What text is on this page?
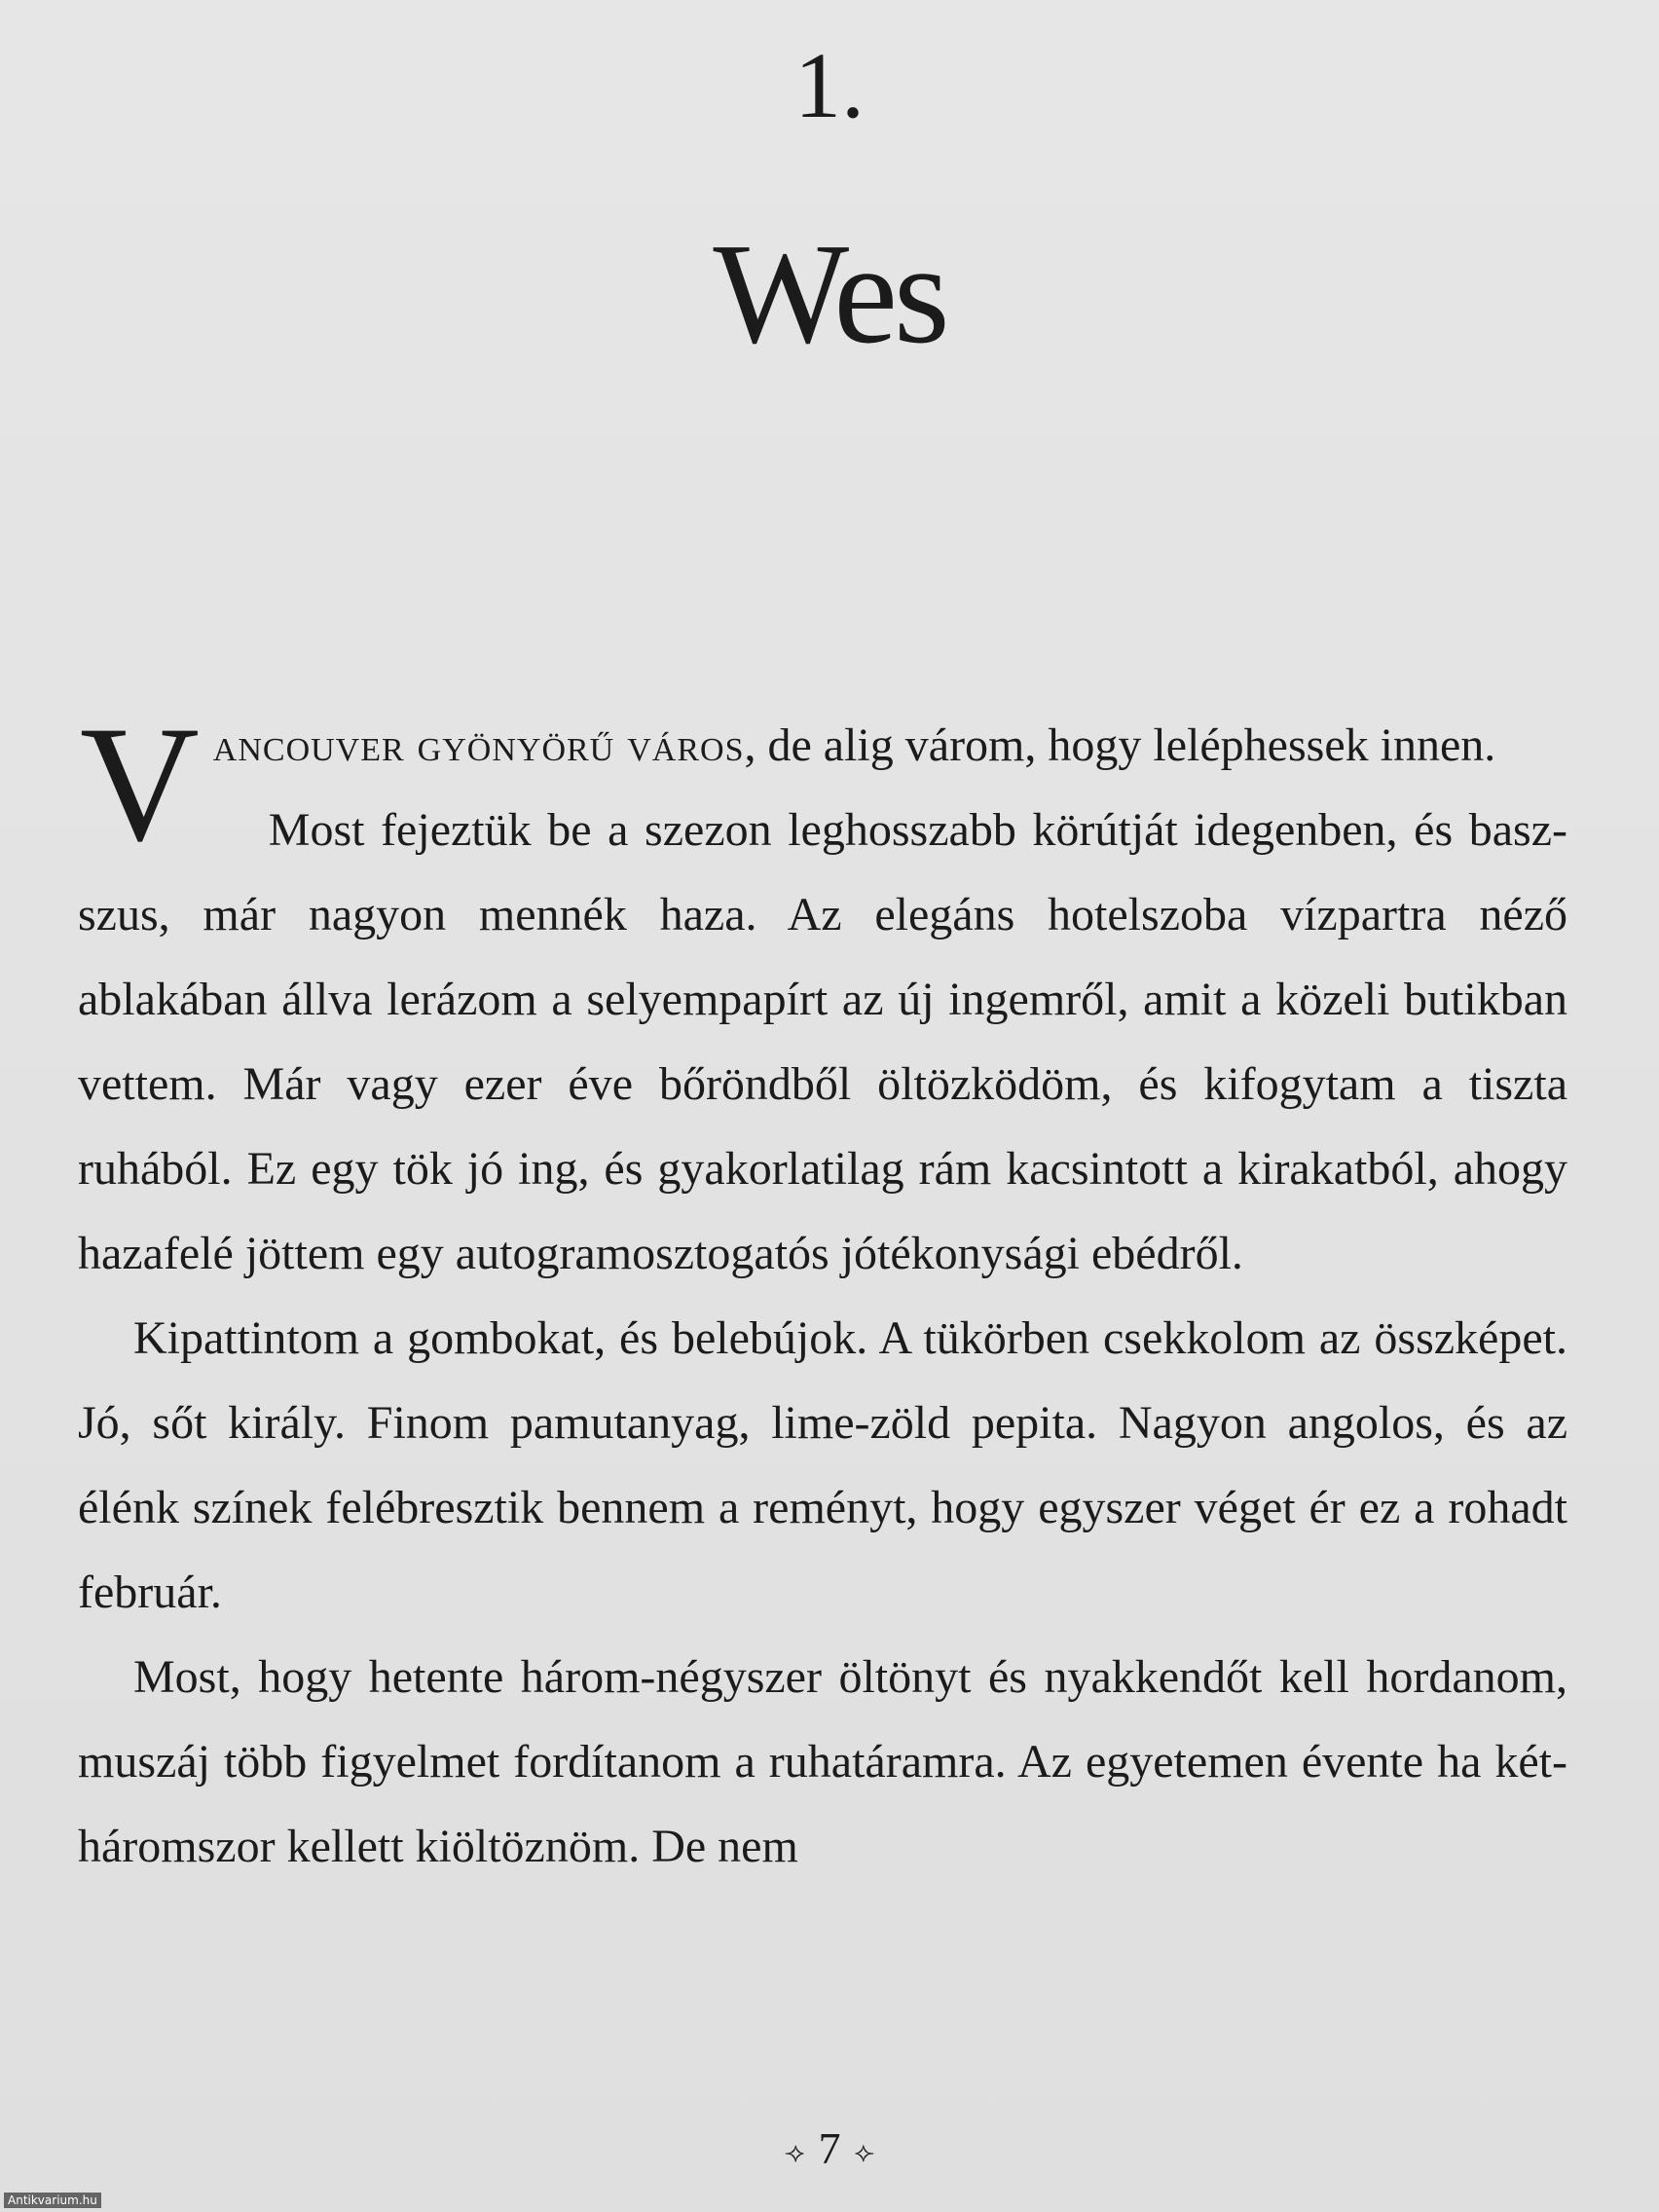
1.
Wes

Vancouver gyönyörű város, de alig várom, hogy leléphessek innen.

Most fejeztük be a szezon leghosszabb körútját idegenben, és baszszus, már nagyon mennék haza. Az elegáns hotelszoba vízpartra néző ablakában állva lerázom a selyempapírt az új ingemről, amit a közeli butikban vettem. Már vagy ezer éve bőröndből öltözködöm, és kifogytam a tiszta ruhából. Ez egy tök jó ing, és gyakorlatilag rám kacsintott a kirakatból, ahogy hazafelé jöttem egy autogramosztogatós jótékonysági ebédről.

Kipattintom a gombokat, és belebújok. A tükörben csekkolom az összképet. Jó, sőt király. Finom pamutanyag, lime-zöld pepita. Nagyon angolos, és az élénk színek felébresztik bennem a reményt, hogy egyszer véget ér ez a rohadt február.

Most, hogy hetente három-négyszer öltönyt és nyakkendőt kell hordanom, muszáj több figyelmet fordítanom a ruhatáramra. Az egyetemen évente ha két-háromszor kellett kiöltöznöm. De nem

⟢ 7 ⟣
Antikvarium.hu
